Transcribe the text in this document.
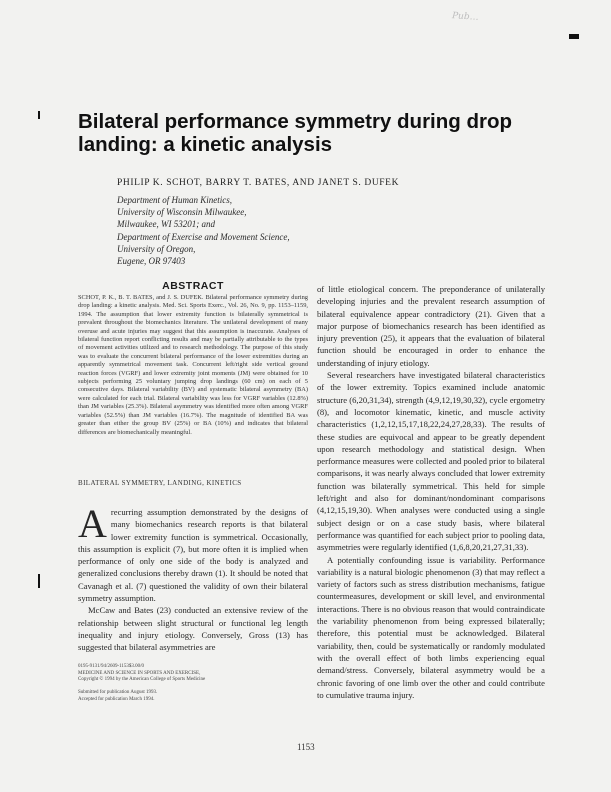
Pub…
Bilateral performance symmetry during drop landing: a kinetic analysis
PHILIP K. SCHOT, BARRY T. BATES, AND JANET S. DUFEK
Department of Human Kinetics,
University of Wisconsin Milwaukee,
Milwaukee, WI 53201; and
Department of Exercise and Movement Science,
University of Oregon,
Eugene, OR 97403
ABSTRACT

SCHOT, P. K., B. T. BATES, and J. S. DUFEK. Bilateral performance symmetry during drop landing: a kinetic analysis. Med. Sci. Sports Exerc., Vol. 26, No. 9, pp. 1153–1159, 1994. The assumption that lower extremity function is bilaterally symmetrical is prevalent throughout the biomechanics literature. The unilateral development of many overuse and acute injuries may suggest that this assumption is inaccurate. Analyses of bilateral function report conflicting results and may be partially attributable to the types of movement activities utilized and to research methodology. The purpose of this study was to evaluate the concurrent bilateral performance of the lower extremities during an apparently symmetrical movement task. Concurrent left/right side vertical ground reaction forces (VGRF) and lower extremity joint moments (JM) were obtained for 10 subjects performing 25 voluntary jumping drop landings (60 cm) on each of 5 consecutive days. Bilateral variability (BV) and systematic bilateral asymmetry (BA) were calculated for each trial. Bilateral variability was less for VGRF variables (12.8%) than JM variables (25.3%). Bilateral asymmetry was identified more often among VGRF variables (52.5%) than JM variables (16.7%). The magnitude of identified BA was greater than either the group BV (25%) or BA (10%) and indicates that bilateral differences are biomechanically meaningful.

BILATERAL SYMMETRY, LANDING, KINETICS

Arecurring assumption demonstrated by the designs of many biomechanics research reports is that bilateral lower extremity function is symmetrical. Occasionally, this assumption is explicit (7), but more often it is implied when performance of only one side of the body is analyzed and generalized conclusions thereby drawn (1). It should be noted that Cavanagh et al. (7) questioned the validity of own their bilateral symmetry assumption.

McCaw and Bates (23) conducted an extensive review of the relationship between slight structural or functional leg length inequality and injury etiology. Conversely, Gross (13) has suggested that bilateral asymmetries are

of little etiological concern. The preponderance of unilaterally developing injuries and the prevalent research assumption of bilateral equivalence appear contradictory (21). Given that a major purpose of biomechanics research has been identified as injury prevention (25), it appears that the evaluation of bilateral function should be encouraged in order to enhance the understanding of injury etiology.

Several researchers have investigated bilateral characteristics of the lower extremity. Topics examined include anatomic structure (6,20,31,34), strength (4,9,12,19,30,32), cycle ergometry (8), and locomotor kinematic, kinetic, and muscle activity characteristics (1,2,12,15,17,18,22,24,27,28,33). The results of these studies are equivocal and appear to be greatly dependent upon research methodology and statistical design. When performance measures were collected and pooled prior to bilateral comparisons, it was nearly always concluded that lower extremity function was bilaterally symmetrical. This held for simple left/right and also for dominant/nondominant comparisons (4,12,15,19,30). When analyses were conducted using a single subject design or on a case study basis, where bilateral performance was quantified for each subject prior to pooling data, asymmetries were regularly identified (1,6,8,20,21,27,31,33).

A potentially confounding issue is variability. Performance variability is a natural biologic phenomenon (3) that may reflect a variety of factors such as stress distribution mechanisms, fatigue countermeasures, development or skill level, and environmental interactions. There is no obvious reason that would contraindicate the variability phenomenon from being expressed bilaterally; therefore, this potential must be acknowledged. Bilateral variability, then, could be systematically or randomly modulated with the overall effect of both limbs experiencing equal demand/stress. Conversely, bilateral asymmetry would be a chronic favoring of one limb over the other and could contribute to cumulative trauma injury.

0195-9131/94/2609-1153$3.00/0
MEDICINE AND SCIENCE IN SPORTS AND EXERCISE,
Copyright © 1994 by the American College of Sports Medicine

Submitted for publication August 1993.
Accepted for publication March 1994.
1153
